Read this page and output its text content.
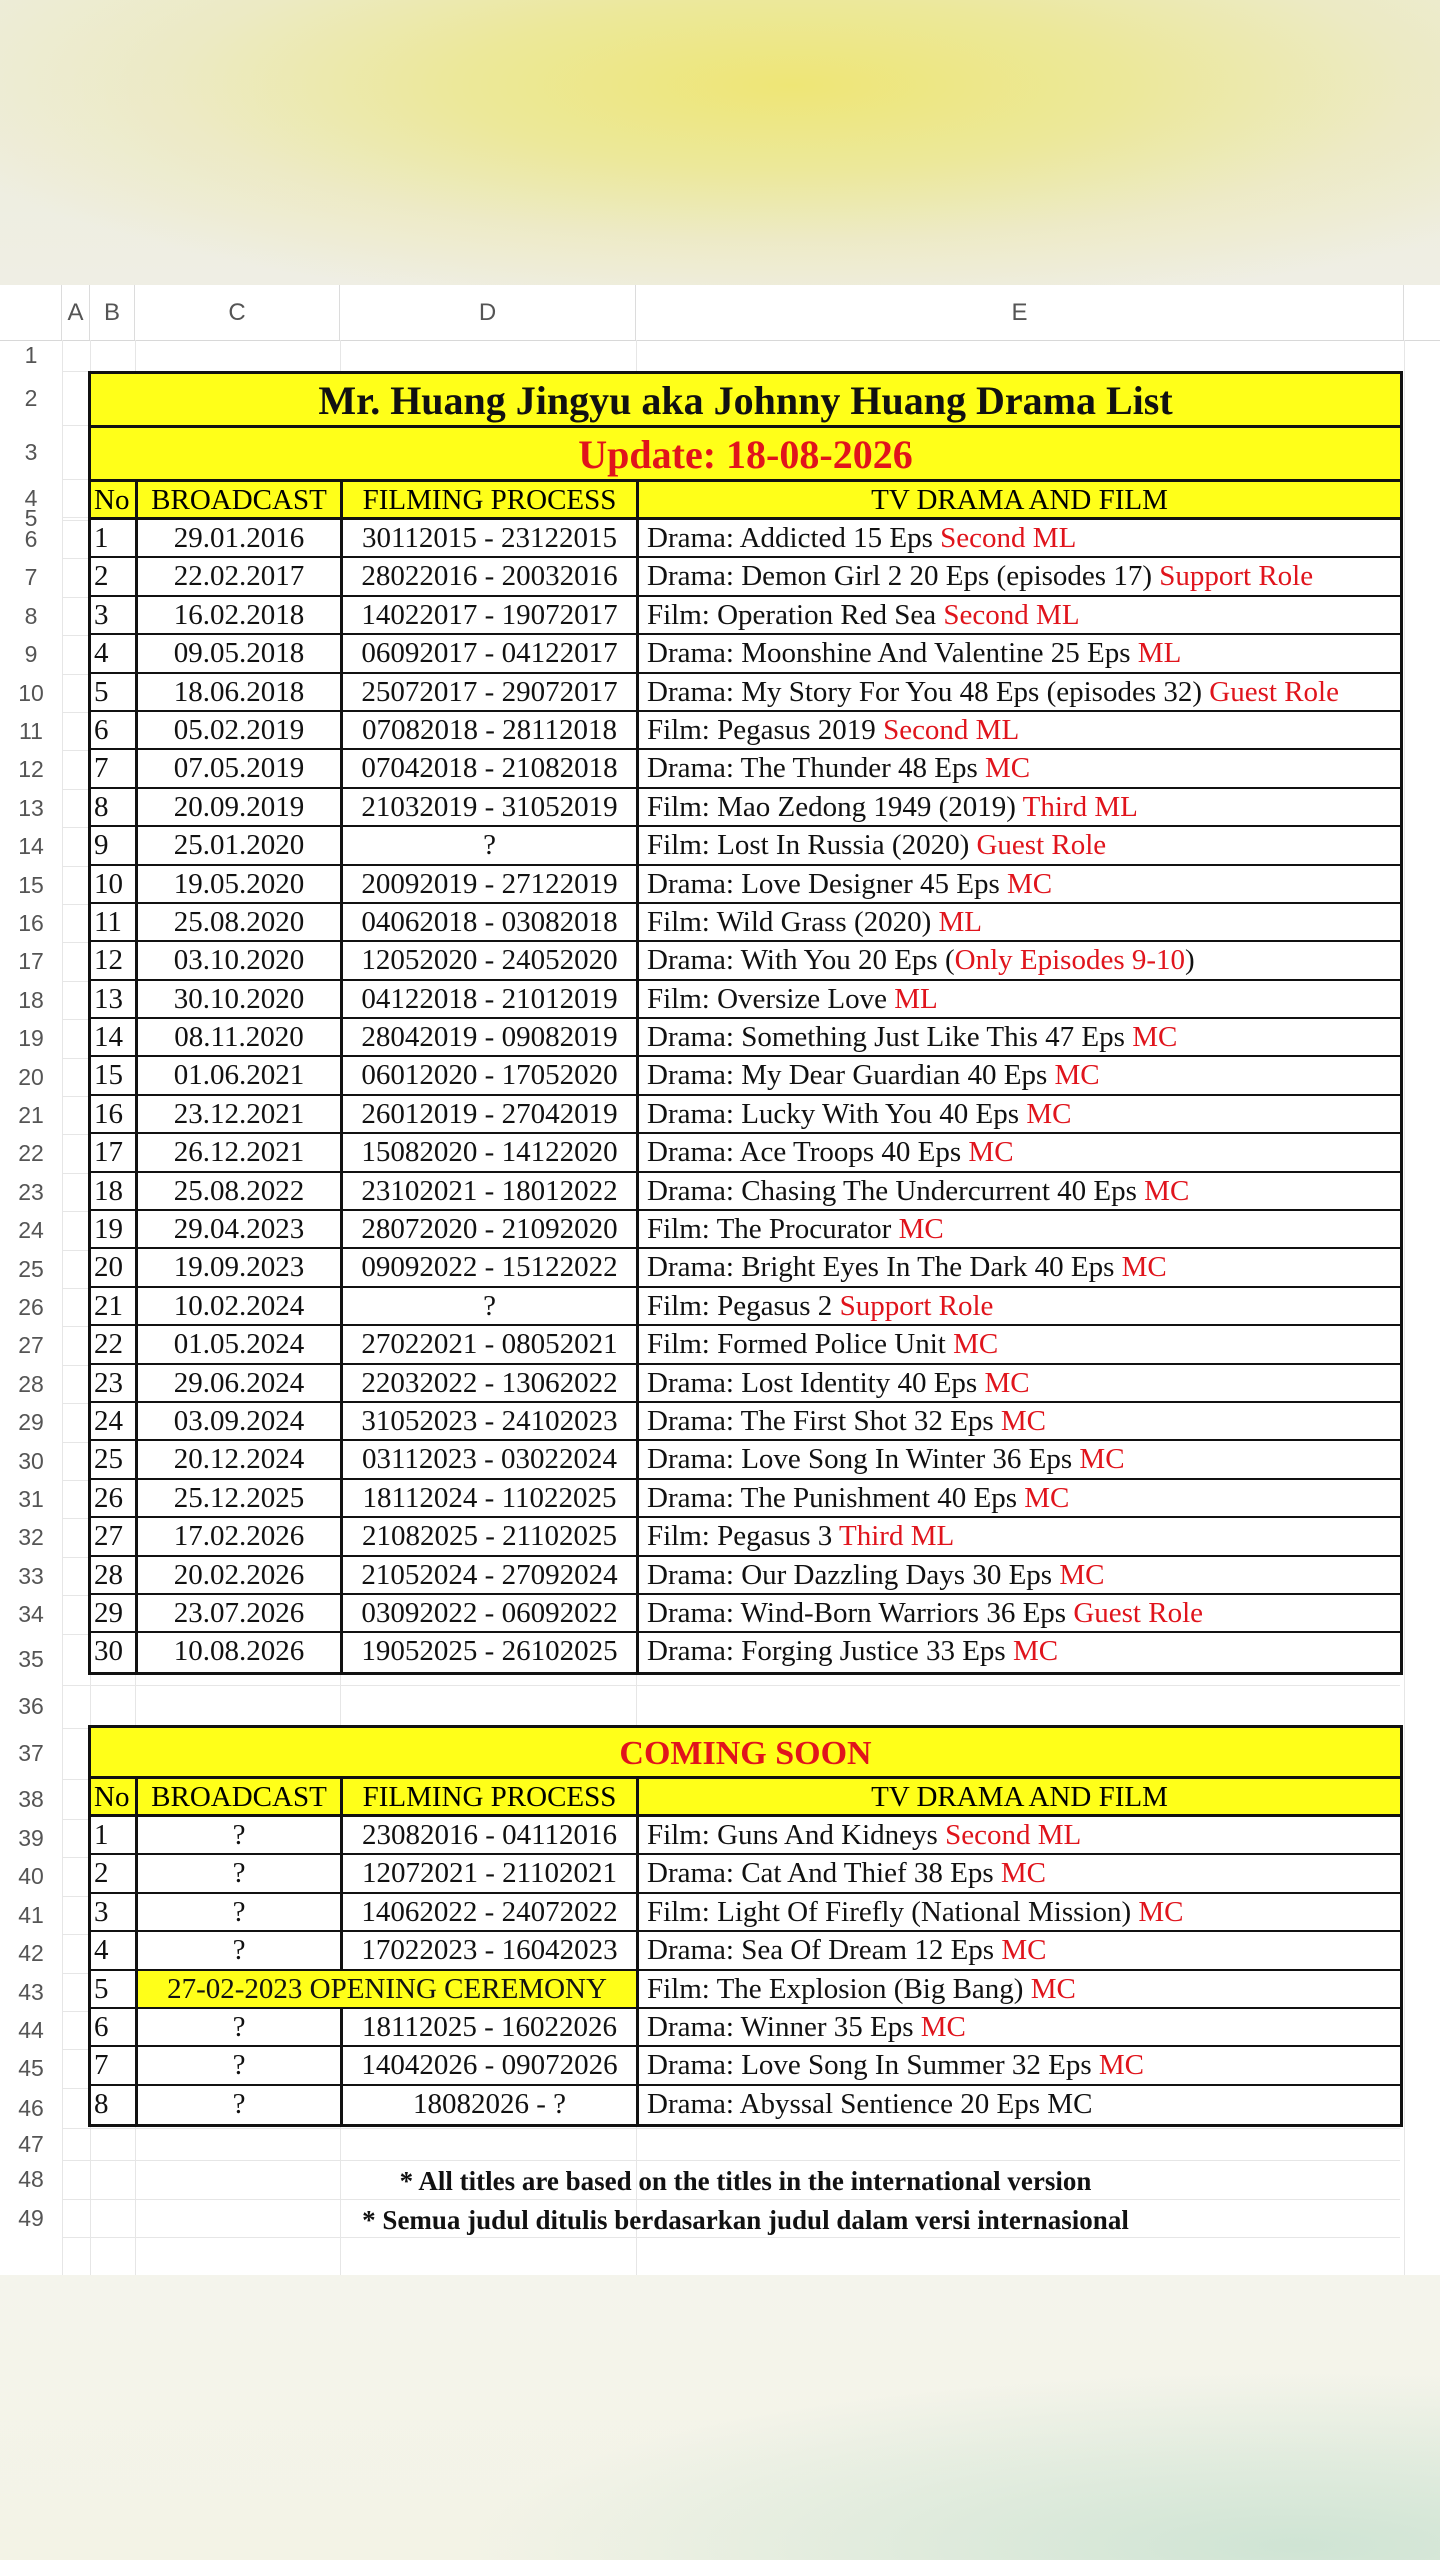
A B	C	D	E
1
2
3
4
5
6
7
8
9
10
11
12
13
14
15
16
17
18
19
20
21
22
23
24
25
26
27
28
29
30
31
32
33
34
35
36
37
38
39
40
41
42
43
44
45
46
47
48
49
Mr. Huang Jingyu aka Johnny Huang Drama List
Update: 18-08-2026
No BROADCAST	FILMING PROCESS	TV DRAMA AND FILM
1	29.01.2016	30112015 - 23122015	Drama: Addicted 15 Eps Second ML
2	22.02.2017	28022016 - 20032016	Drama: Demon Girl 2 20 Eps (episodes 17) Support Role
3	16.02.2018	14022017 - 19072017	Film: Operation Red Sea Second ML
4	09.05.2018	06092017 - 04122017	Drama: Moonshine And Valentine 25 Eps ML
5	18.06.2018	25072017 - 29072017	Drama: My Story For You 48 Eps (episodes 32) Guest Role
6	05.02.2019	07082018 - 28112018	Film: Pegasus 2019 Second ML
7	07.05.2019	07042018 - 21082018	Drama: The Thunder 48 Eps MC
8	20.09.2019	21032019 - 31052019	Film: Mao Zedong 1949 (2019) Third ML
9	25.01.2020	?	Film: Lost In Russia (2020) Guest Role
10	19.05.2020	20092019 - 27122019	Drama: Love Designer 45 Eps MC
11	25.08.2020	04062018 - 03082018	Film: Wild Grass (2020) ML
12	03.10.2020	12052020 - 24052020	Drama: With You 20 Eps (Only Episodes 9-10)
13	30.10.2020	04122018 - 21012019	Film: Oversize Love ML
14	08.11.2020	28042019 - 09082019	Drama: Something Just Like This 47 Eps MC
15	01.06.2021	06012020 - 17052020	Drama: My Dear Guardian 40 Eps MC
16	23.12.2021	26012019 - 27042019	Drama: Lucky With You 40 Eps MC
17	26.12.2021	15082020 - 14122020	Drama: Ace Troops 40 Eps MC
18	25.08.2022	23102021 - 18012022	Drama: Chasing The Undercurrent 40 Eps MC
19	29.04.2023	28072020 - 21092020	Film: The Procurator MC
20	19.09.2023	09092022 - 15122022	Drama: Bright Eyes In The Dark 40 Eps MC
21	10.02.2024	?	Film: Pegasus 2 Support Role
22	01.05.2024	27022021 - 08052021	Film: Formed Police Unit MC
23	29.06.2024	22032022 - 13062022	Drama: Lost Identity 40 Eps MC
24	03.09.2024	31052023 - 24102023	Drama: The First Shot 32 Eps MC
25	20.12.2024	03112023 - 03022024	Drama: Love Song In Winter 36 Eps MC
26	25.12.2025	18112024 - 11022025	Drama: The Punishment 40 Eps MC
27	17.02.2026	21082025 - 21102025	Film: Pegasus 3 Third ML
28	20.02.2026	21052024 - 27092024	Drama: Our Dazzling Days 30 Eps MC
29	23.07.2026	03092022 - 06092022	Drama: Wind-Born Warriors 36 Eps Guest Role
30	10.08.2026	19052025 - 26102025	Drama: Forging Justice 33 Eps MC
COMING SOON
No BROADCAST	FILMING PROCESS	TV DRAMA AND FILM
1	?	23082016 - 04112016	Film: Guns And Kidneys Second ML
2	?	12072021 - 21102021	Drama: Cat And Thief 38 Eps MC
3	?	14062022 - 24072022	Film: Light Of Firefly (National Mission) MC
4	?	17022023 - 16042023	Drama: Sea Of Dream 12 Eps MC
5	27-02-2023 OPENING CEREMONY	Film: The Explosion (Big Bang) MC
6	?	18112025 - 16022026	Drama: Winner 35 Eps MC
7	?	14042026 - 09072026	Drama: Love Song In Summer 32 Eps MC
8	?	18082026 - ?	Drama: Abyssal Sentience 20 Eps MC
* All titles are based on the titles in the international version
* Semua judul ditulis berdasarkan judul dalam versi internasional
